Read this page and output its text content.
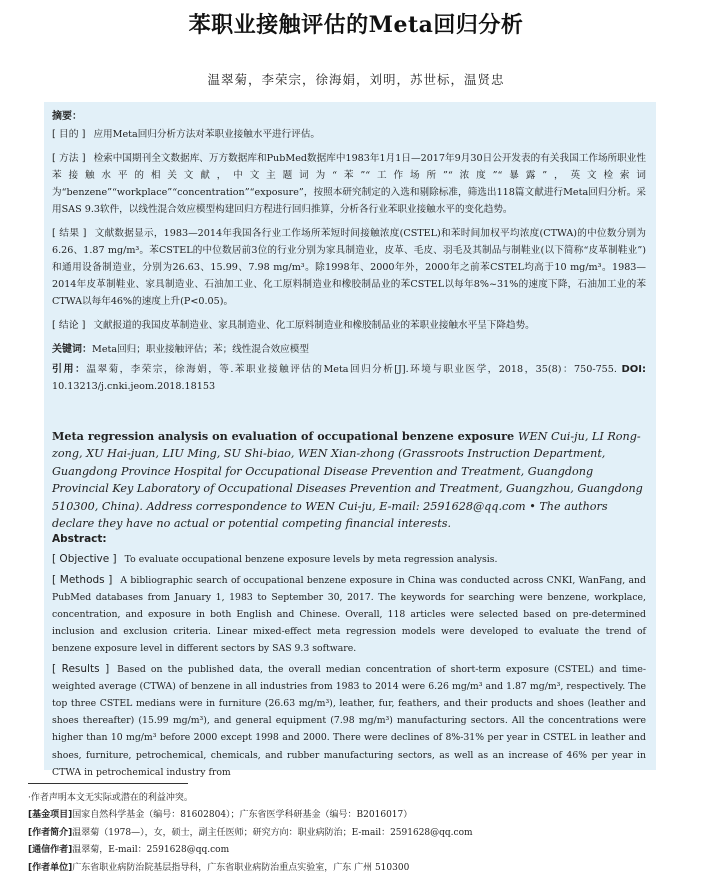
苯职业接触评估的Meta回归分析
温翠菊，李荣宗，徐海娟，刘明，苏世标，温贤忠

摘要：

[ 目的 ] 应用Meta回归分析方法对苯职业接触水平进行评估。

[ 方法 ] 检索中国期刊全文数据库、万方数据库和PubMed数据库中1983年1月1日—2017年9月30日公开发表的有关我国工作场所职业性苯接触水平的相关文献，中文主题词为“苯”“工作场所”“浓度”“暴露”，英文检索词为“benzene”“workplace”“concentration”“exposure”，按照本研究制定的入选和剔除标准，筛选出118篇文献进行Meta回归分析。采用SAS 9.3软件，以线性混合效应模型构建回归方程进行回归推算，分析各行业苯职业接触水平的变化趋势。

[ 结果 ] 文献数据显示，1983—2014年我国各行业工作场所苯短时间接触浓度(CSTEL)和苯时间加权平均浓度(CTWA)的中位数分别为6.26、1.87 mg/m³。苯CSTEL的中位数居前3位的行业分别为家具制造业，皮革、毛皮、羽毛及其制品与制鞋业(以下简称“皮革制鞋业”)和通用设备制造业，分别为26.63、15.99、7.98 mg/m³。除1998年、2000年外，2000年之前苯CSTEL均高于10 mg/m³。1983—2014年皮革制鞋业、家具制造业、石油加工业、化工原料制造业和橡胶制品业的苯CSTEL以每年8%~31%的速度下降，石油加工业的苯CTWA以每年46%的速度上升(P<0.05)。

[ 结论 ] 文献报道的我国皮革制造业、家具制造业、化工原料制造业和橡胶制品业的苯职业接触水平呈下降趋势。

关键词：Meta回归；职业接触评估；苯；线性混合效应模型

引用：温翠菊，李荣宗，徐海娟，等.苯职业接触评估的Meta回归分析[J].环境与职业医学，2018，35(8)：750-755. DOI: 10.13213/j.cnki.jeom.2018.18153

Meta regression analysis on evaluation of occupational benzene exposure WEN Cui-ju, LI Rong-zong, XU Hai-juan, LIU Ming, SU Shi-biao, WEN Xian-zhong (Grassroots Instruction Department, Guangdong Province Hospital for Occupational Disease Prevention and Treatment, Guangdong Provincial Key Laboratory of Occupational Diseases Prevention and Treatment, Guangzhou, Guangdong 510300, China). Address correspondence to WEN Cui-ju, E-mail: 2591628@qq.com • The authors declare they have no actual or potential competing financial interests.

Abstract:

[ Objective ] To evaluate occupational benzene exposure levels by meta regression analysis.

[ Methods ] A bibliographic search of occupational benzene exposure in China was conducted across CNKI, WanFang, and PubMed databases from January 1, 1983 to September 30, 2017. The keywords for searching were benzene, workplace, concentration, and exposure in both English and Chinese. Overall, 118 articles were selected based on pre-determined inclusion and exclusion criteria. Linear mixed-effect meta regression models were developed to evaluate the trend of benzene exposure level in different sectors by SAS 9.3 software.

[ Results ] Based on the published data, the overall median concentration of short-term exposure (CSTEL) and time-weighted average (CTWA) of benzene in all industries from 1983 to 2014 were 6.26 mg/m³ and 1.87 mg/m³, respectively. The top three CSTEL medians were in furniture (26.63 mg/m³), leather, fur, feathers, and their products and shoes (leather and shoes thereafter) (15.99 mg/m³), and general equipment (7.98 mg/m³) manufacturing sectors. All the concentrations were higher than 10 mg/m³ before 2000 except 1998 and 2000. There were declines of 8%-31% per year in CSTEL in leather and shoes, furniture, petrochemical, chemicals, and rubber manufacturing sectors, as well as an increase of 46% per year in CTWA in petrochemical industry from

·作者声明本文无实际或潜在的利益冲突。
[基金项目]国家自然科学基金（编号：81602804）；广东省医学科研基金（编号：B2016017）
[作者简介]温翠菊（1978—），女，硕士，副主任医师；研究方向：职业病防治；E-mail：2591628@qq.com
[通信作者]温翠菊，E-mail：2591628@qq.com
[作者单位]广东省职业病防治院基层指导科，广东省职业病防治重点实验室，广东 广州 510300
